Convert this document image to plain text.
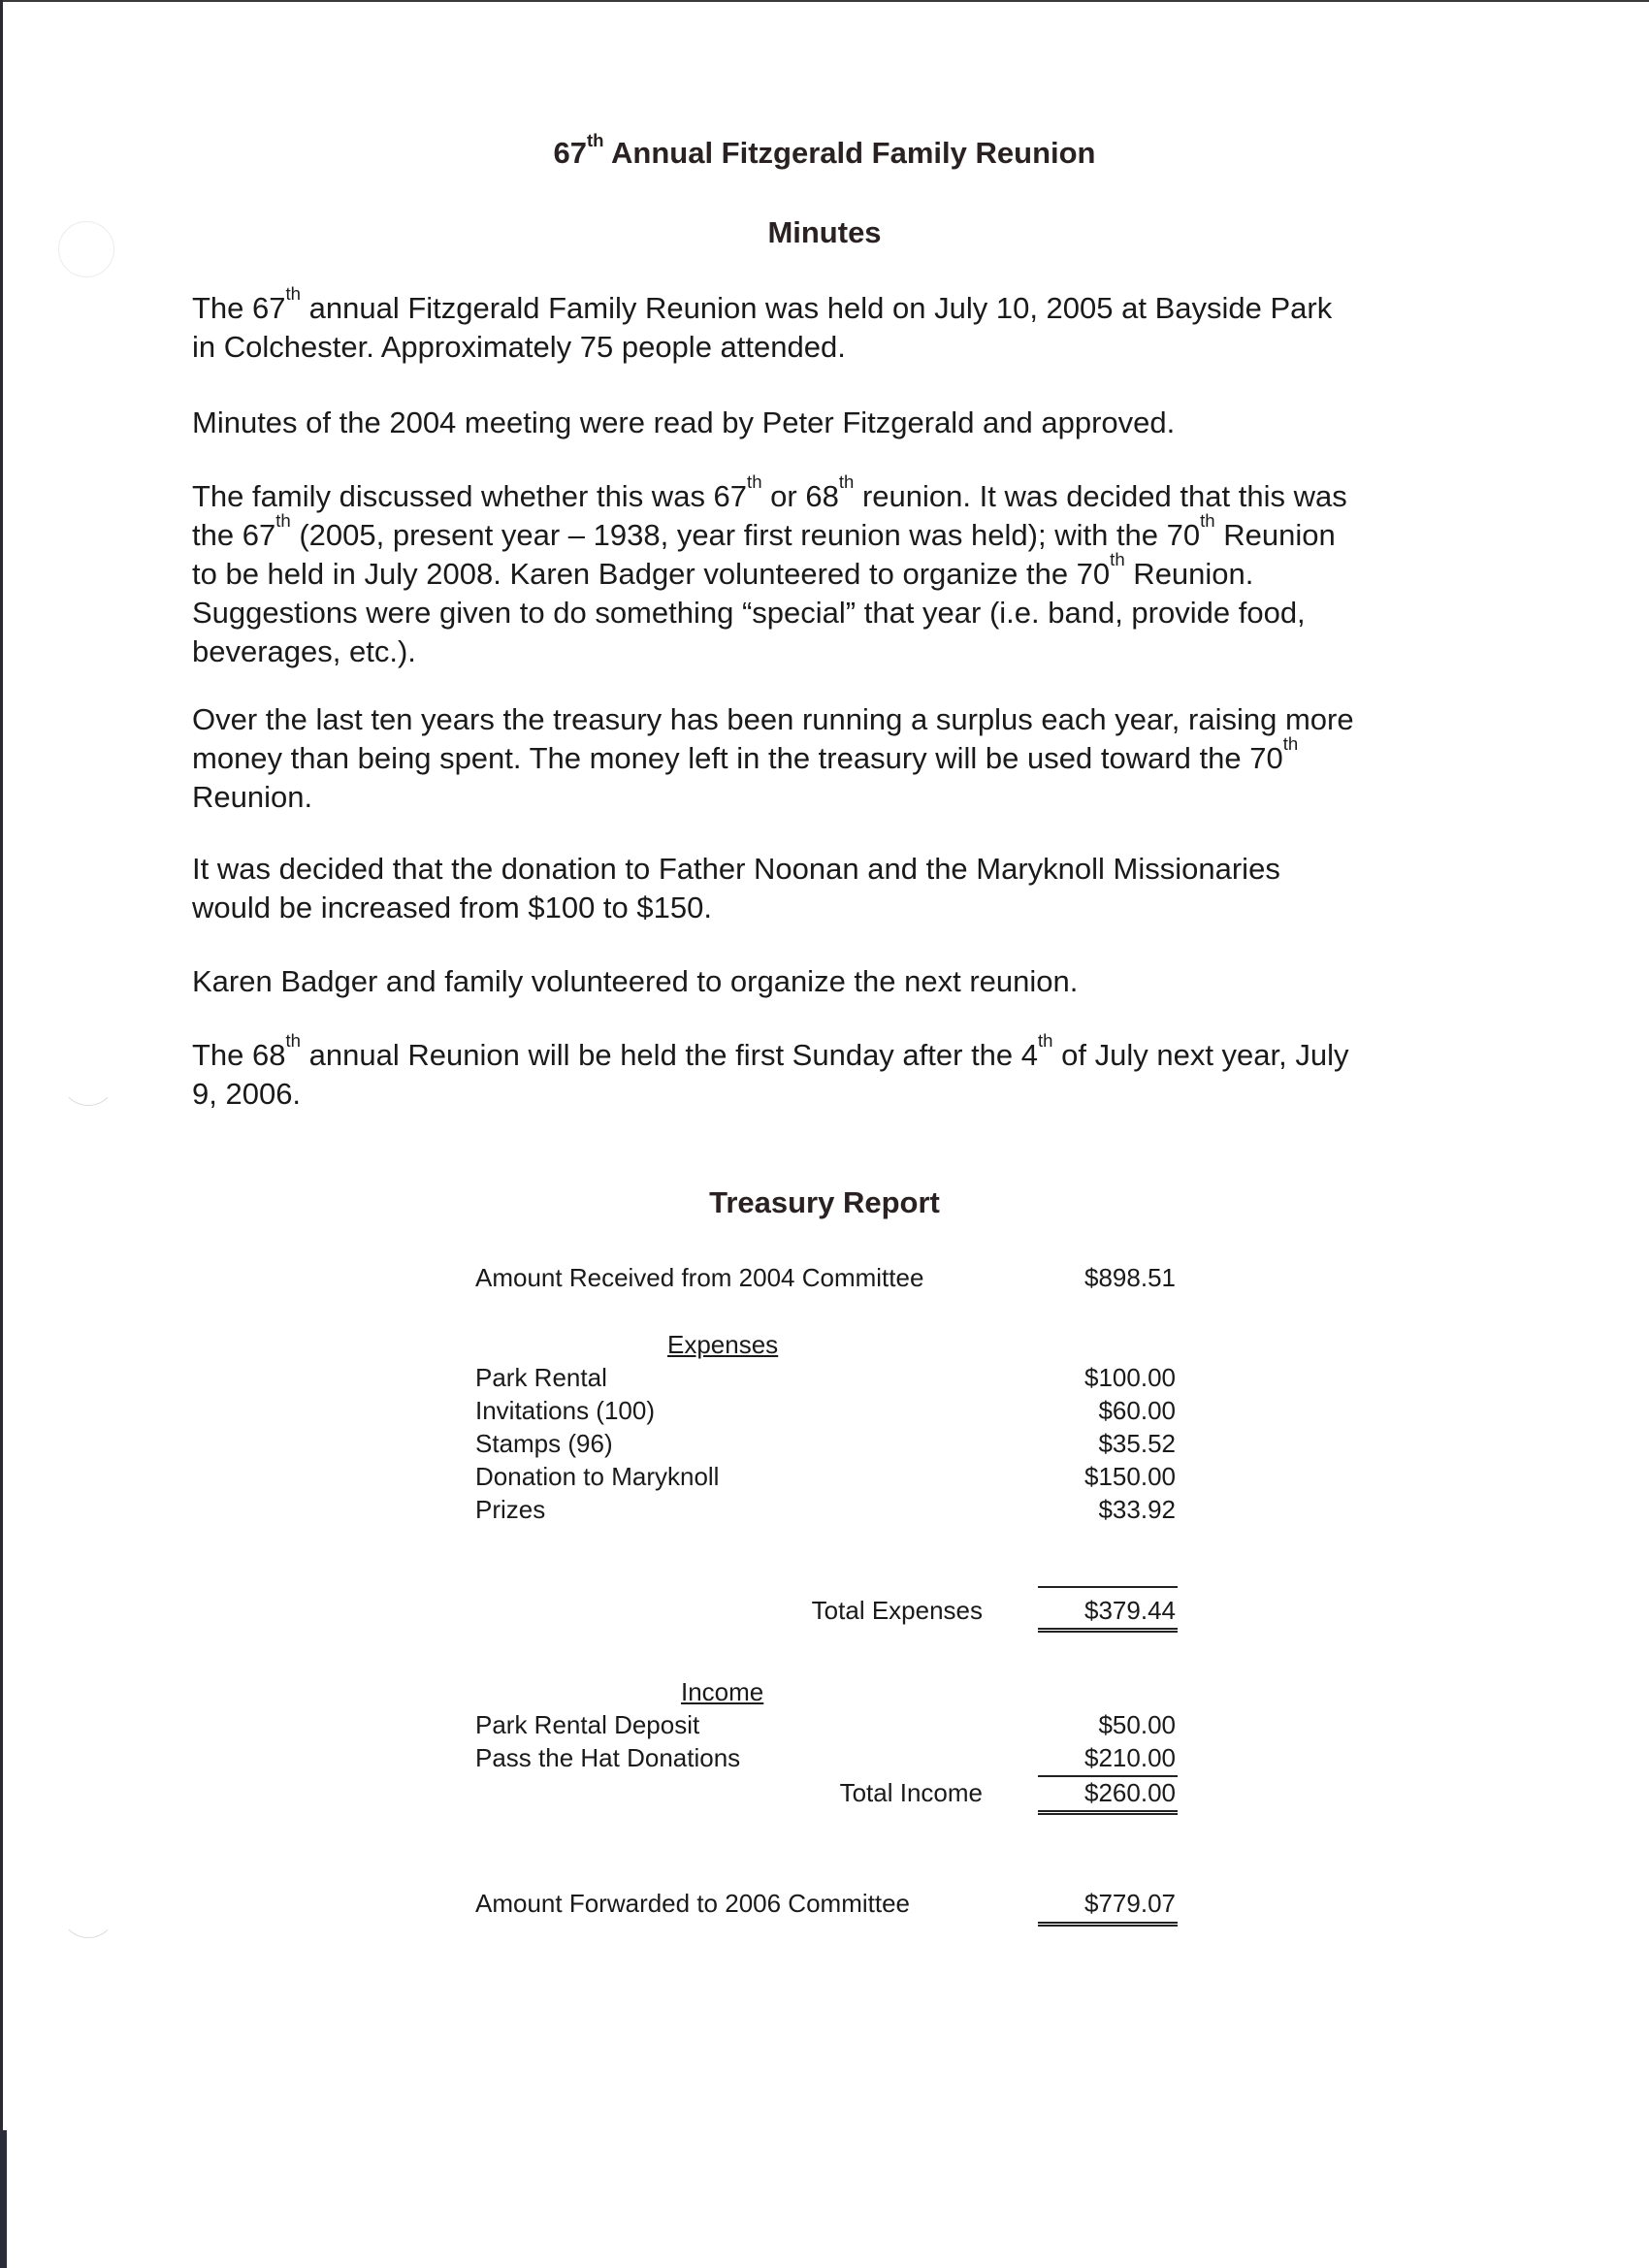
67th Annual Fitzgerald Family Reunion
Minutes

The 67th annual Fitzgerald Family Reunion was held on July 10, 2005 at Bayside Park

in Colchester. Approximately 75 people attended.

Minutes of the 2004 meeting were read by Peter Fitzgerald and approved.

The family discussed whether this was 67th or 68th reunion. It was decided that this was

the 67th (2005, present year – 1938, year first reunion was held); with the 70th Reunion

to be held in July 2008. Karen Badger volunteered to organize the 70th Reunion.

Suggestions were given to do something “special” that year (i.e. band, provide food,

beverages, etc.).

Over the last ten years the treasury has been running a surplus each year, raising more

money than being spent. The money left in the treasury will be used toward the 70th

Reunion.

It was decided that the donation to Father Noonan and the Maryknoll Missionaries

would be increased from $100 to $150.

Karen Badger and family volunteered to organize the next reunion.

The 68th annual Reunion will be held the first Sunday after the 4th of July next year, July

9, 2006.

Treasury Report
Amount Received from 2004 Committee	$898.51
Expenses
Park Rental	$100.00
Invitations (100)	$60.00
Stamps (96)	$35.52
Donation to Maryknoll	$150.00
Prizes	$33.92
Total Expenses	$379.44
Income
Park Rental Deposit	$50.00
Pass the Hat Donations	$210.00
Total Income	$260.00
Amount Forwarded to 2006 Committee	$779.07
